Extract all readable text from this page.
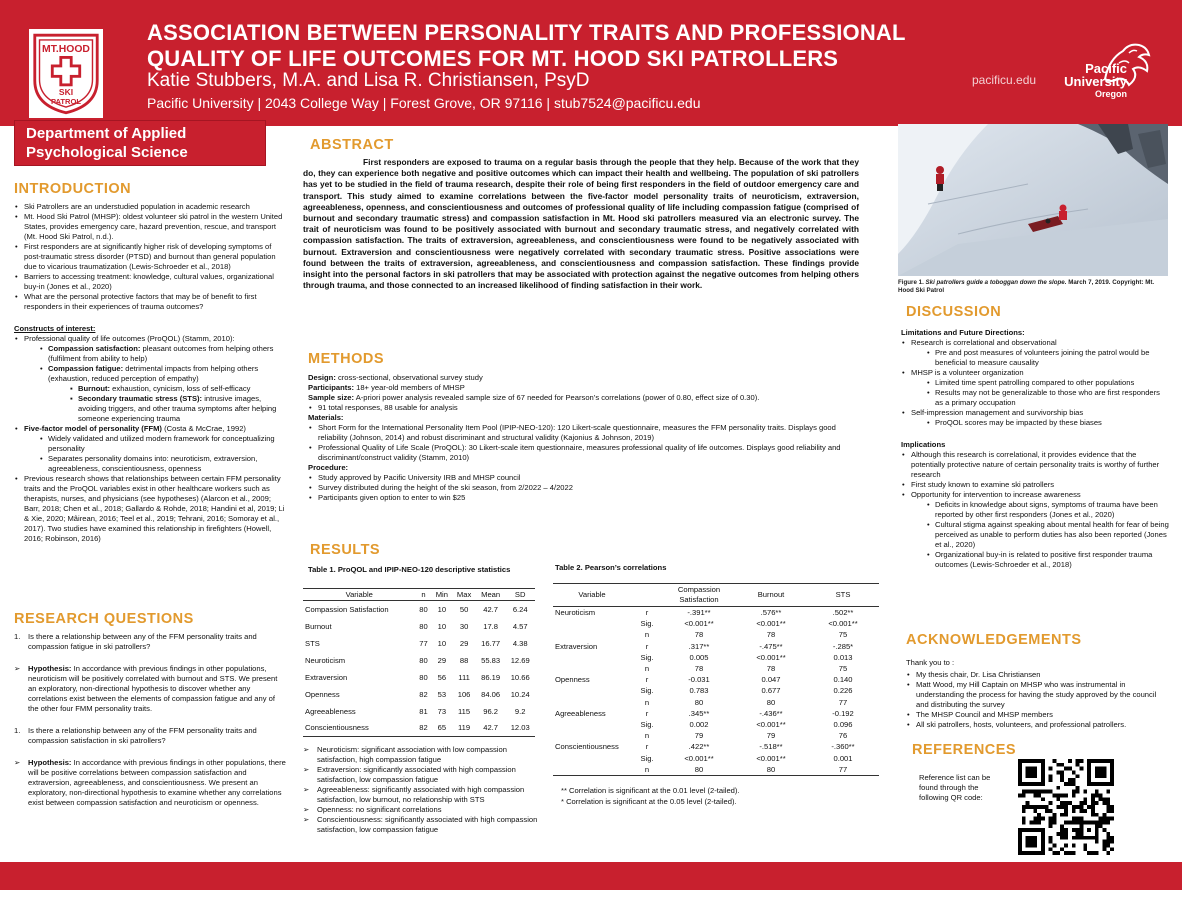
MT.HOOD
SKI
PATROL
ASSOCIATION BETWEEN PERSONALITY TRAITS AND PROFESSIONAL
QUALITY OF LIFE OUTCOMES FOR MT. HOOD SKI PATROLLERS
Katie Stubbers, M.A. and Lisa R. Christiansen, PsyD
Pacific University | 2043 College Way | Forest Grove, OR 97116 | stub7524@pacificu.edu
pacificu.edu
Pacific
University
Oregon
Department of Applied
Psychological Science
INTRODUCTION
• Ski Patrollers are an understudied population in academic research
• Mt. Hood Ski Patrol (MHSP): oldest volunteer ski patrol in the western United States, provides emergency care, hazard prevention, rescue, and transport (Mt. Hood Ski Patrol, n.d.).
• First responders are at significantly higher risk of developing symptoms of post-traumatic stress disorder (PTSD) and burnout than general population due to vicarious traumatization (Lewis-Schroeder et al., 2018)
• Barriers to accessing treatment: knowledge, cultural values, organizational buy-in (Jones et al., 2020)
• What are the personal protective factors that may be of benefit to first responders in their experiences of trauma outcomes?

Constructs of interest:

• Professional quality of life outcomes (ProQOL) (Stamm, 2010):
• Compassion satisfaction: pleasant outcomes from helping others (fulfilment from ability to help)
• Compassion fatigue: detrimental impacts from helping others (exhaustion, reduced perception of empathy)
▪ Burnout: exhaustion, cynicism, loss of self-efficacy
▪ Secondary traumatic stress (STS): intrusive images, avoiding triggers, and other trauma symptoms after helping someone experiencing trauma
• Five-factor model of personality (FFM) (Costa & McCrae, 1992)
• Widely validated and utilized modern framework for conceptualizing personality
• Separates personality domains into: neuroticism, extraversion, agreeableness, conscientiousness, openness
• Previous research shows that relationships between certain FFM personality traits and the ProQOL variables exist in other healthcare workers such as therapists, nurses, and physicians (see hypotheses) (Alarcon et al., 2009; Barr, 2018; Chen et al., 2018; Gallardo & Rohde, 2018; Handini et al, 2019; Li & Xie, 2020; Mâirean, 2016; Teel et al., 2019; Tehrani, 2016; Somoray et al., 2017). Two studies have examined this relationship in firefighters (Howell, 2016; Robinson, 2016)
RESEARCH QUESTIONS

1. Is there a relationship between any of the FFM personality traits and compassion fatigue in ski patrollers?

➢ Hypothesis: In accordance with previous findings in other populations, neuroticism will be positively correlated with burnout and STS. We present an exploratory, non-directional hypothesis to discover whether any correlations exist between the elements of compassion fatigue and any of the other four FMM personality traits.

1. Is there a relationship between any of the FFM personality traits and compassion satisfaction in ski patrollers?

➢ Hypothesis: In accordance with previous findings in other populations, there will be positive correlations between compassion satisfaction and extraversion, agreeableness, and conscientiousness. We present an exploratory, non-directional hypothesis to examine whether any correlations exist between compassion satisfaction and neuroticism or openness.
ABSTRACT
First responders are exposed to trauma on a regular basis through the people that they help. Because of the work that they do, they can experience both negative and positive outcomes which can impact their health and wellbeing. The population of ski patrollers has yet to be studied in the field of trauma research, despite their role of being first responders in the field of outdoor emergency care and transport. This study aimed to examine correlations between the five-factor model personality traits of neuroticism, extraversion, agreeableness, openness, and conscientiousness and outcomes of professional quality of life including compassion fatigue (comprised of burnout and secondary traumatic stress) and compassion satisfaction in Mt. Hood ski patrollers measured via an electronic survey. The trait of neuroticism was found to be positively associated with burnout and secondary traumatic stress, and negatively correlated with compassion satisfaction. The traits of extraversion, agreeableness, and conscientiousness were found to be negatively associated with burnout. Extraversion and conscientiousness were negatively correlated with secondary traumatic stress. Positive associations were found between the traits of extraversion, agreeableness, and conscientiousness and compassion satisfaction. These findings provide insight into the personal factors in ski patrollers that may be associated with protection against the negative outcomes from helping others through trauma, and those connected to an increased likelihood of finding satisfaction in their work.
METHODS

Design: cross-sectional, observational survey study

Participants: 18+ year-old members of MHSP

Sample size: A-priori power analysis revealed sample size of 67 needed for Pearson’s correlations (power of 0.80, effect size of 0.30).

• 91 total responses, 88 usable for analysis

Materials:

• Short Form for the International Personality Item Pool (IPIP-NEO-120): 120 Likert-scale questionnaire, measures the FFM personality traits. Displays good reliability (Johnson, 2014) and robust discriminant and structural validity (Kajonius & Johnson, 2019)
• Professional Quality of Life Scale (ProQOL): 30 Likert-scale item questionnaire, measures professional quality of life outcomes. Displays good reliability and discriminant/construct validity (Stamm, 2010)

Procedure:

• Study approved by Pacific University IRB and MHSP council
• Survey distributed during the height of the ski season, from 2/2022 – 4/2022
• Participants given option to enter to win $25
RESULTS
Table 1. ProQOL and IPIP-NEO-120 descriptive statistics
Variable	n	Min	Max	Mean	SD
Compassion Satisfaction	80	10	50	42.7	6.24
Burnout	80	10	30	17.8	4.57
STS	77	10	29	16.77	4.38
Neuroticism	80	29	88	55.83	12.69
Extraversion	80	56	111	86.19	10.66
Openness	82	53	106	84.06	10.24
Agreeableness	81	73	115	96.2	9.2
Conscientiousness	82	65	119	42.7	12.03
➢ Neuroticism: significant association with low compassion satisfaction, high compassion fatigue
➢ Extraversion: significantly associated with high compassion satisfaction, low compassion fatigue
➢ Agreeableness: significantly associated with high compassion satisfaction, low burnout, no relationship with STS
➢ Openness: no significant correlations
➢ Conscientiousness: significantly associated with high compassion satisfaction, low compassion fatigue
Table 2. Pearson’s correlations
Variable		Compassion Satisfaction	Burnout	STS
Neuroticism	r	-.391**	.576**	.502**
	Sig.	<0.001**	<0.001**	<0.001**
	n	78	78	75
Extraversion	r	.317**	-.475**	-.285*
	Sig.	0.005	<0.001**	0.013
	n	78	78	75
Openness	r	-0.031	0.047	0.140
	Sig.	0.783	0.677	0.226
	n	80	80	77
Agreeableness	r	.345**	-.436**	-0.192
	Sig.	0.002	<0.001**	0.096
	n	79	79	76
Conscientiousness	r	.422**	-.518**	-.360**
	Sig.	<0.001**	<0.001**	0.001
	n	80	80	77

** Correlation is significant at the 0.01 level (2-tailed).

* Correlation is significant at the 0.05 level (2-tailed).

Figure 1. Ski patrollers guide a toboggan down the slope. March 7, 2019. Copyright: Mt. Hood Ski Patrol
DISCUSSION

Limitations and Future Directions:

• Research is correlational and observational
• Pre and post measures of volunteers joining the patrol would be beneficial to measure causality
• MHSP is a volunteer organization
• Limited time spent patrolling compared to other populations
• Results may not be generalizable to those who are first responders as a primary occupation
• Self-impression management and survivorship bias
• ProQOL scores may be impacted by these biases

Implications

• Although this research is correlational, it provides evidence that the potentially protective nature of certain personality traits is worthy of further research
• First study known to examine ski patrollers
• Opportunity for intervention to increase awareness
• Deficits in knowledge about signs, symptoms of trauma have been reported by other first responders (Jones et al., 2020)
• Cultural stigma against speaking about mental health for fear of being perceived as unable to perform duties has also been reported (Jones et al., 2020)
• Organizational buy-in is related to positive first responder trauma outcomes (Lewis-Schroeder et al., 2018)
ACKNOWLEDGEMENTS

Thank you to :

• My thesis chair, Dr. Lisa Christiansen
• Matt Wood, my Hill Captain on MHSP who was instrumental in understanding the process for having the study approved by the council and distributing the survey
• The MHSP Council and MHSP members
• All ski patrollers, hosts, volunteers, and professional patrollers.
REFERENCES
Reference list can be found through the following QR code:
